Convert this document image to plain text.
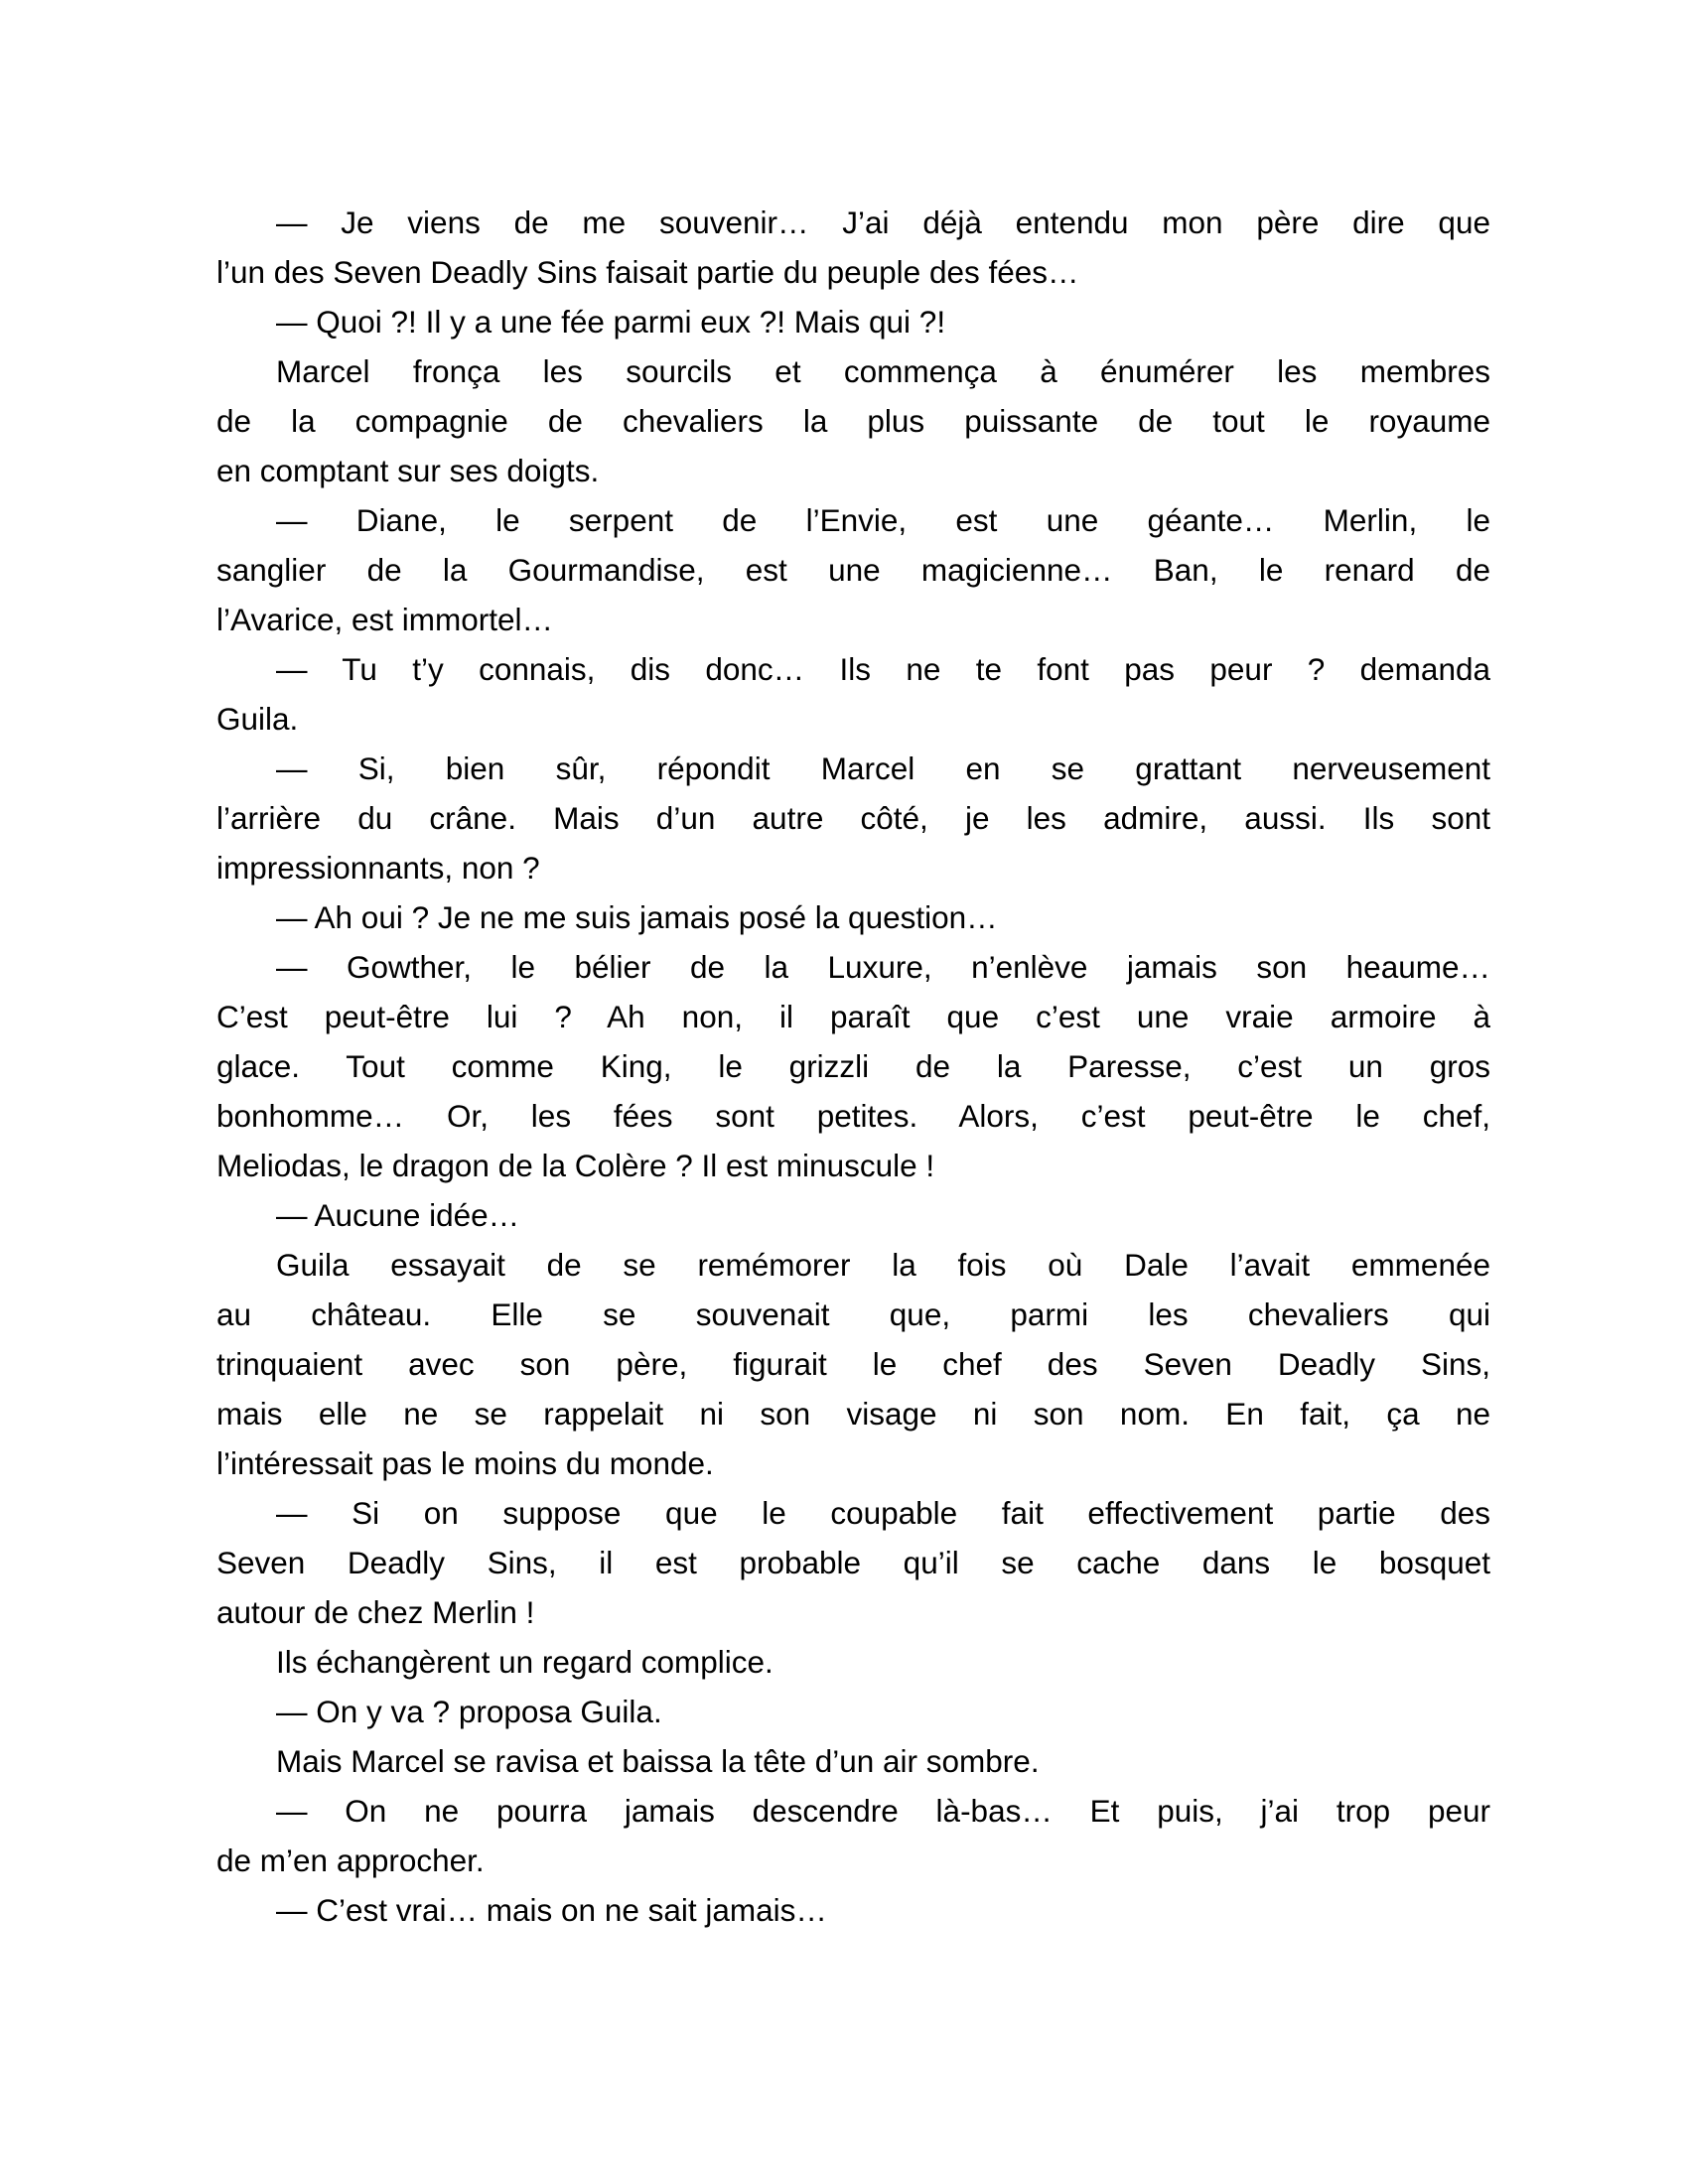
— Je viens de me souvenir… J’ai déjà entendu mon père dire que
l’un des Seven Deadly Sins faisait partie du peuple des fées…
— Quoi ?! Il y a une fée parmi eux ?! Mais qui ?!
Marcel fronça les sourcils et commença à énumérer les membres
de la compagnie de chevaliers la plus puissante de tout le royaume
en comptant sur ses doigts.
— Diane, le serpent de l’Envie, est une géante… Merlin, le
sanglier de la Gourmandise, est une magicienne… Ban, le renard de
l’Avarice, est immortel…
— Tu t’y connais, dis donc… Ils ne te font pas peur ? demanda
Guila.
— Si, bien sûr, répondit Marcel en se grattant nerveusement
l’arrière du crâne. Mais d’un autre côté, je les admire, aussi. Ils sont
impressionnants, non ?
— Ah oui ? Je ne me suis jamais posé la question…
— Gowther, le bélier de la Luxure, n’enlève jamais son heaume…
C’est peut-être lui ? Ah non, il paraît que c’est une vraie armoire à
glace. Tout comme King, le grizzli de la Paresse, c’est un gros
bonhomme… Or, les fées sont petites. Alors, c’est peut-être le chef,
Meliodas, le dragon de la Colère ? Il est minuscule !
— Aucune idée…
Guila essayait de se remémorer la fois où Dale l’avait emmenée
au château. Elle se souvenait que, parmi les chevaliers qui
trinquaient avec son père, figurait le chef des Seven Deadly Sins,
mais elle ne se rappelait ni son visage ni son nom. En fait, ça ne
l’intéressait pas le moins du monde.
— Si on suppose que le coupable fait effectivement partie des
Seven Deadly Sins, il est probable qu’il se cache dans le bosquet
autour de chez Merlin !
Ils échangèrent un regard complice.
— On y va ? proposa Guila.
Mais Marcel se ravisa et baissa la tête d’un air sombre.
— On ne pourra jamais descendre là-bas… Et puis, j’ai trop peur
de m’en approcher.
— C’est vrai… mais on ne sait jamais…
